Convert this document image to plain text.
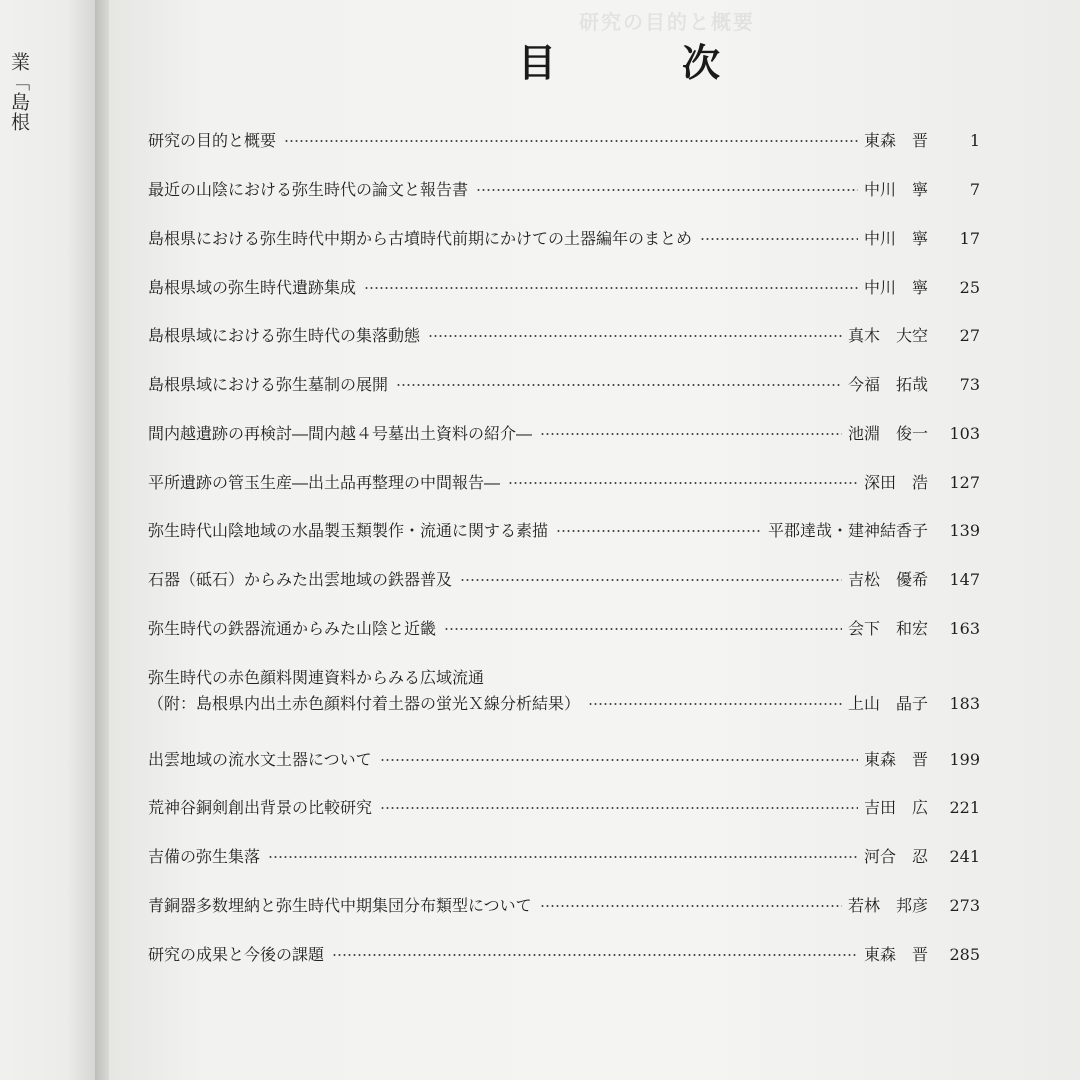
業「島根
研究の目的と概要
目　次
研究の目的と概要	東森　晋	1
最近の山陰における弥生時代の論文と報告書	中川　寧	7
島根県における弥生時代中期から古墳時代前期にかけての土器編年のまとめ	中川　寧	17
島根県域の弥生時代遺跡集成	中川　寧	25
島根県域における弥生時代の集落動態	真木　大空	27
島根県域における弥生墓制の展開	今福　拓哉	73
間内越遺跡の再検討―間内越４号墓出土資料の紹介―	池淵　俊一	103
平所遺跡の管玉生産―出土品再整理の中間報告―	深田　浩	127
弥生時代山陰地域の水晶製玉類製作・流通に関する素描	平郡達哉・建神結香子	139
石器（砥石）からみた出雲地域の鉄器普及	吉松　優希	147
弥生時代の鉄器流通からみた山陰と近畿	会下　和宏	163
弥生時代の赤色顔料関連資料からみる広域流通
（附：島根県内出土赤色顔料付着土器の蛍光Ｘ線分析結果）	上山　晶子	183
出雲地域の流水文土器について	東森　晋	199
荒神谷銅剣創出背景の比較研究	吉田　広	221
吉備の弥生集落	河合　忍	241
青銅器多数埋納と弥生時代中期集団分布類型について	若林　邦彦	273
研究の成果と今後の課題	東森　晋	285
